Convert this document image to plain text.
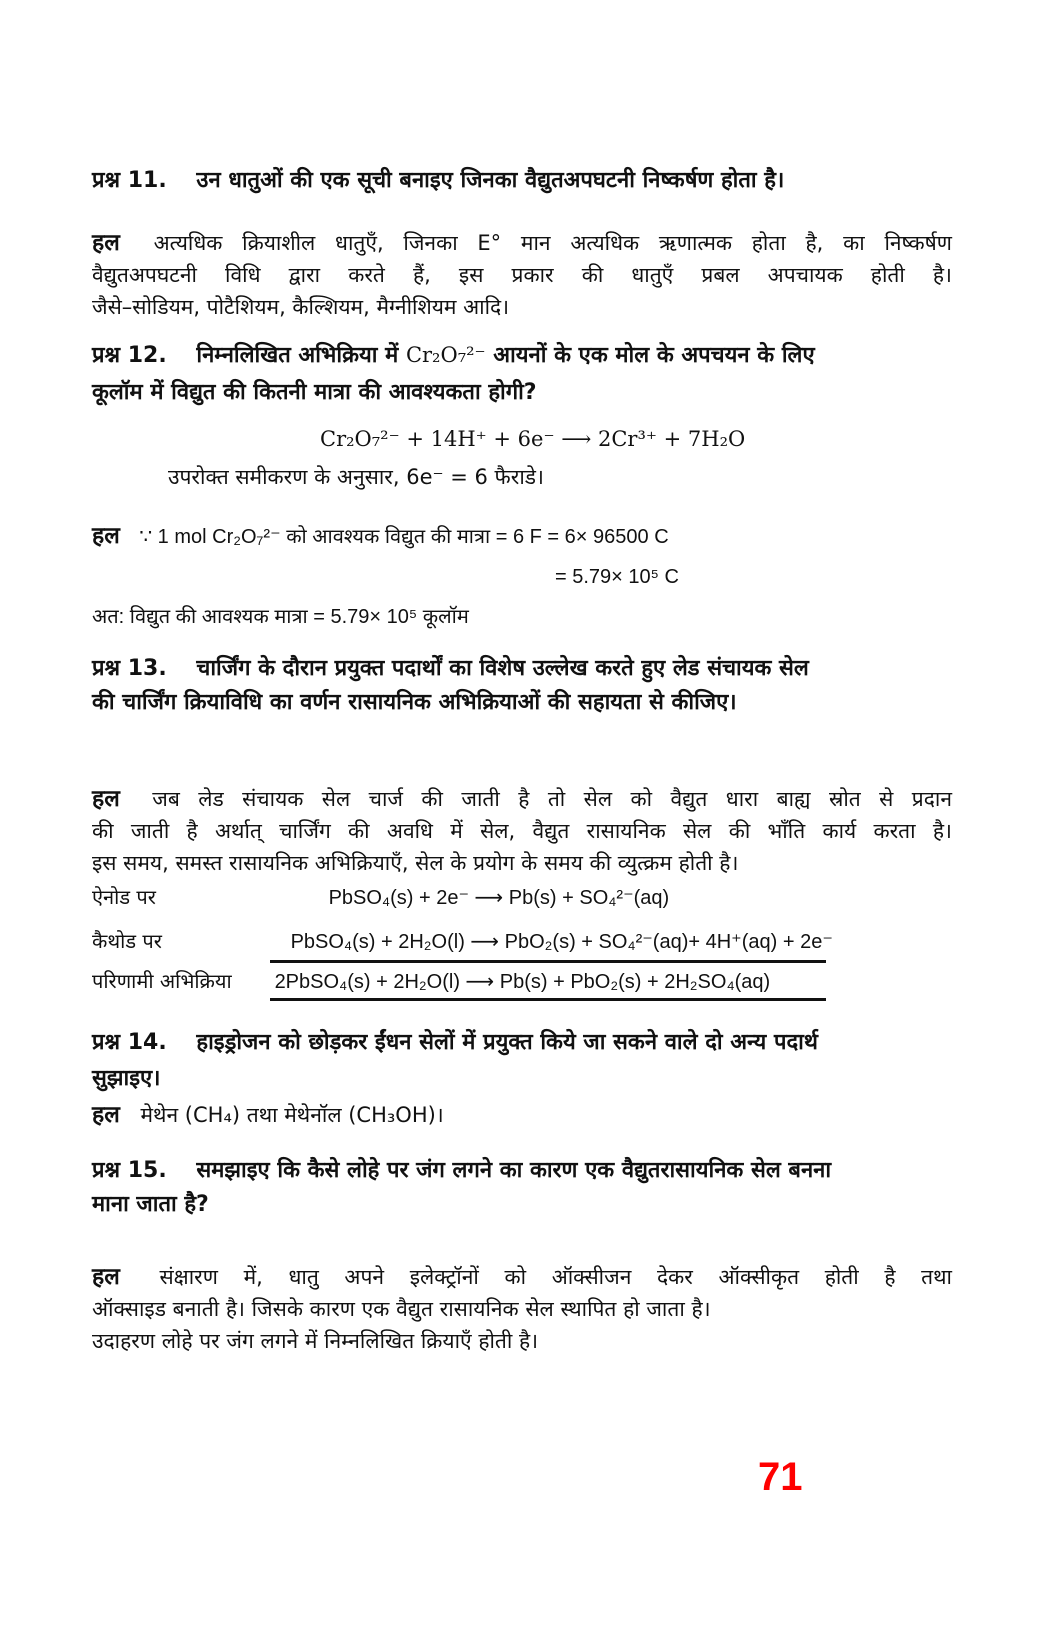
प्रश्न 11. उन धातुओं की एक सूची बनाइए जिनका वैद्युतअपघटनी निष्कर्षण होता है।
हल अत्यधिक क्रियाशील धातुएँ, जिनका E° मान अत्यधिक ऋणात्मक होता है, का निष्कर्षण
वैद्युतअपघटनी विधि द्वारा करते हैं, इस प्रकार की धातुएँ प्रबल अपचायक होती है।
जैसे–सोडियम, पोटैशियम, कैल्शियम, मैग्नीशियम आदि।
प्रश्न 12. निम्नलिखित अभिक्रिया में Cr₂O₇²⁻ आयनों के एक मोल के अपचयन के लिए
कूलॉम में विद्युत की कितनी मात्रा की आवश्यकता होगी?
Cr₂O₇²⁻ + 14H⁺ + 6e⁻ ⟶ 2Cr³⁺ + 7H₂O
उपरोक्त समीकरण के अनुसार, 6e⁻ = 6 फैराडे।
हल ∵ 1 mol Cr₂O₇²⁻ को आवश्यक विद्युत की मात्रा = 6 F = 6× 96500 C
= 5.79× 10⁵ C
अत: विद्युत की आवश्यक मात्रा = 5.79× 10⁵ कूलॉम
प्रश्न 13. चार्जिंग के दौरान प्रयुक्त पदार्थों का विशेष उल्लेख करते हुए लेड संचायक सेल
की चार्जिंग क्रियाविधि का वर्णन रासायनिक अभिक्रियाओं की सहायता से कीजिए।
हल जब लेड संचायक सेल चार्ज की जाती है तो सेल को वैद्युत धारा बाह्य स्रोत से प्रदान
की जाती है अर्थात् चार्जिंग की अवधि में सेल, वैद्युत रासायनिक सेल की भाँति कार्य करता है।
इस समय, समस्त रासायनिक अभिक्रियाएँ, सेल के प्रयोग के समय की व्युत्क्रम होती है।
ऐनोड पर	PbSO₄(s) + 2e⁻ ⟶ Pb(s) + SO₄²⁻(aq)
कैथोड पर	PbSO₄(s) + 2H₂O(l) ⟶ PbO₂(s) + SO₄²⁻(aq)+ 4H⁺(aq) + 2e⁻
परिणामी अभिक्रिया 2PbSO₄(s) + 2H₂O(l) ⟶ Pb(s) + PbO₂(s) + 2H₂SO₄(aq)
प्रश्न 14. हाइड्रोजन को छोड़कर ईंधन सेलों में प्रयुक्त किये जा सकने वाले दो अन्य पदार्थ
सुझाइए।
हल मेथेन (CH₄) तथा मेथेनॉल (CH₃OH)।
प्रश्न 15. समझाइए कि कैसे लोहे पर जंग लगने का कारण एक वैद्युतरासायनिक सेल बनना
माना जाता है?
हल संक्षारण में, धातु अपने इलेक्ट्रॉनों को ऑक्सीजन देकर ऑक्सीकृत होती है तथा
ऑक्साइड बनाती है। जिसके कारण एक वैद्युत रासायनिक सेल स्थापित हो जाता है।
उदाहरण लोहे पर जंग लगने में निम्नलिखित क्रियाएँ होती है।
71
